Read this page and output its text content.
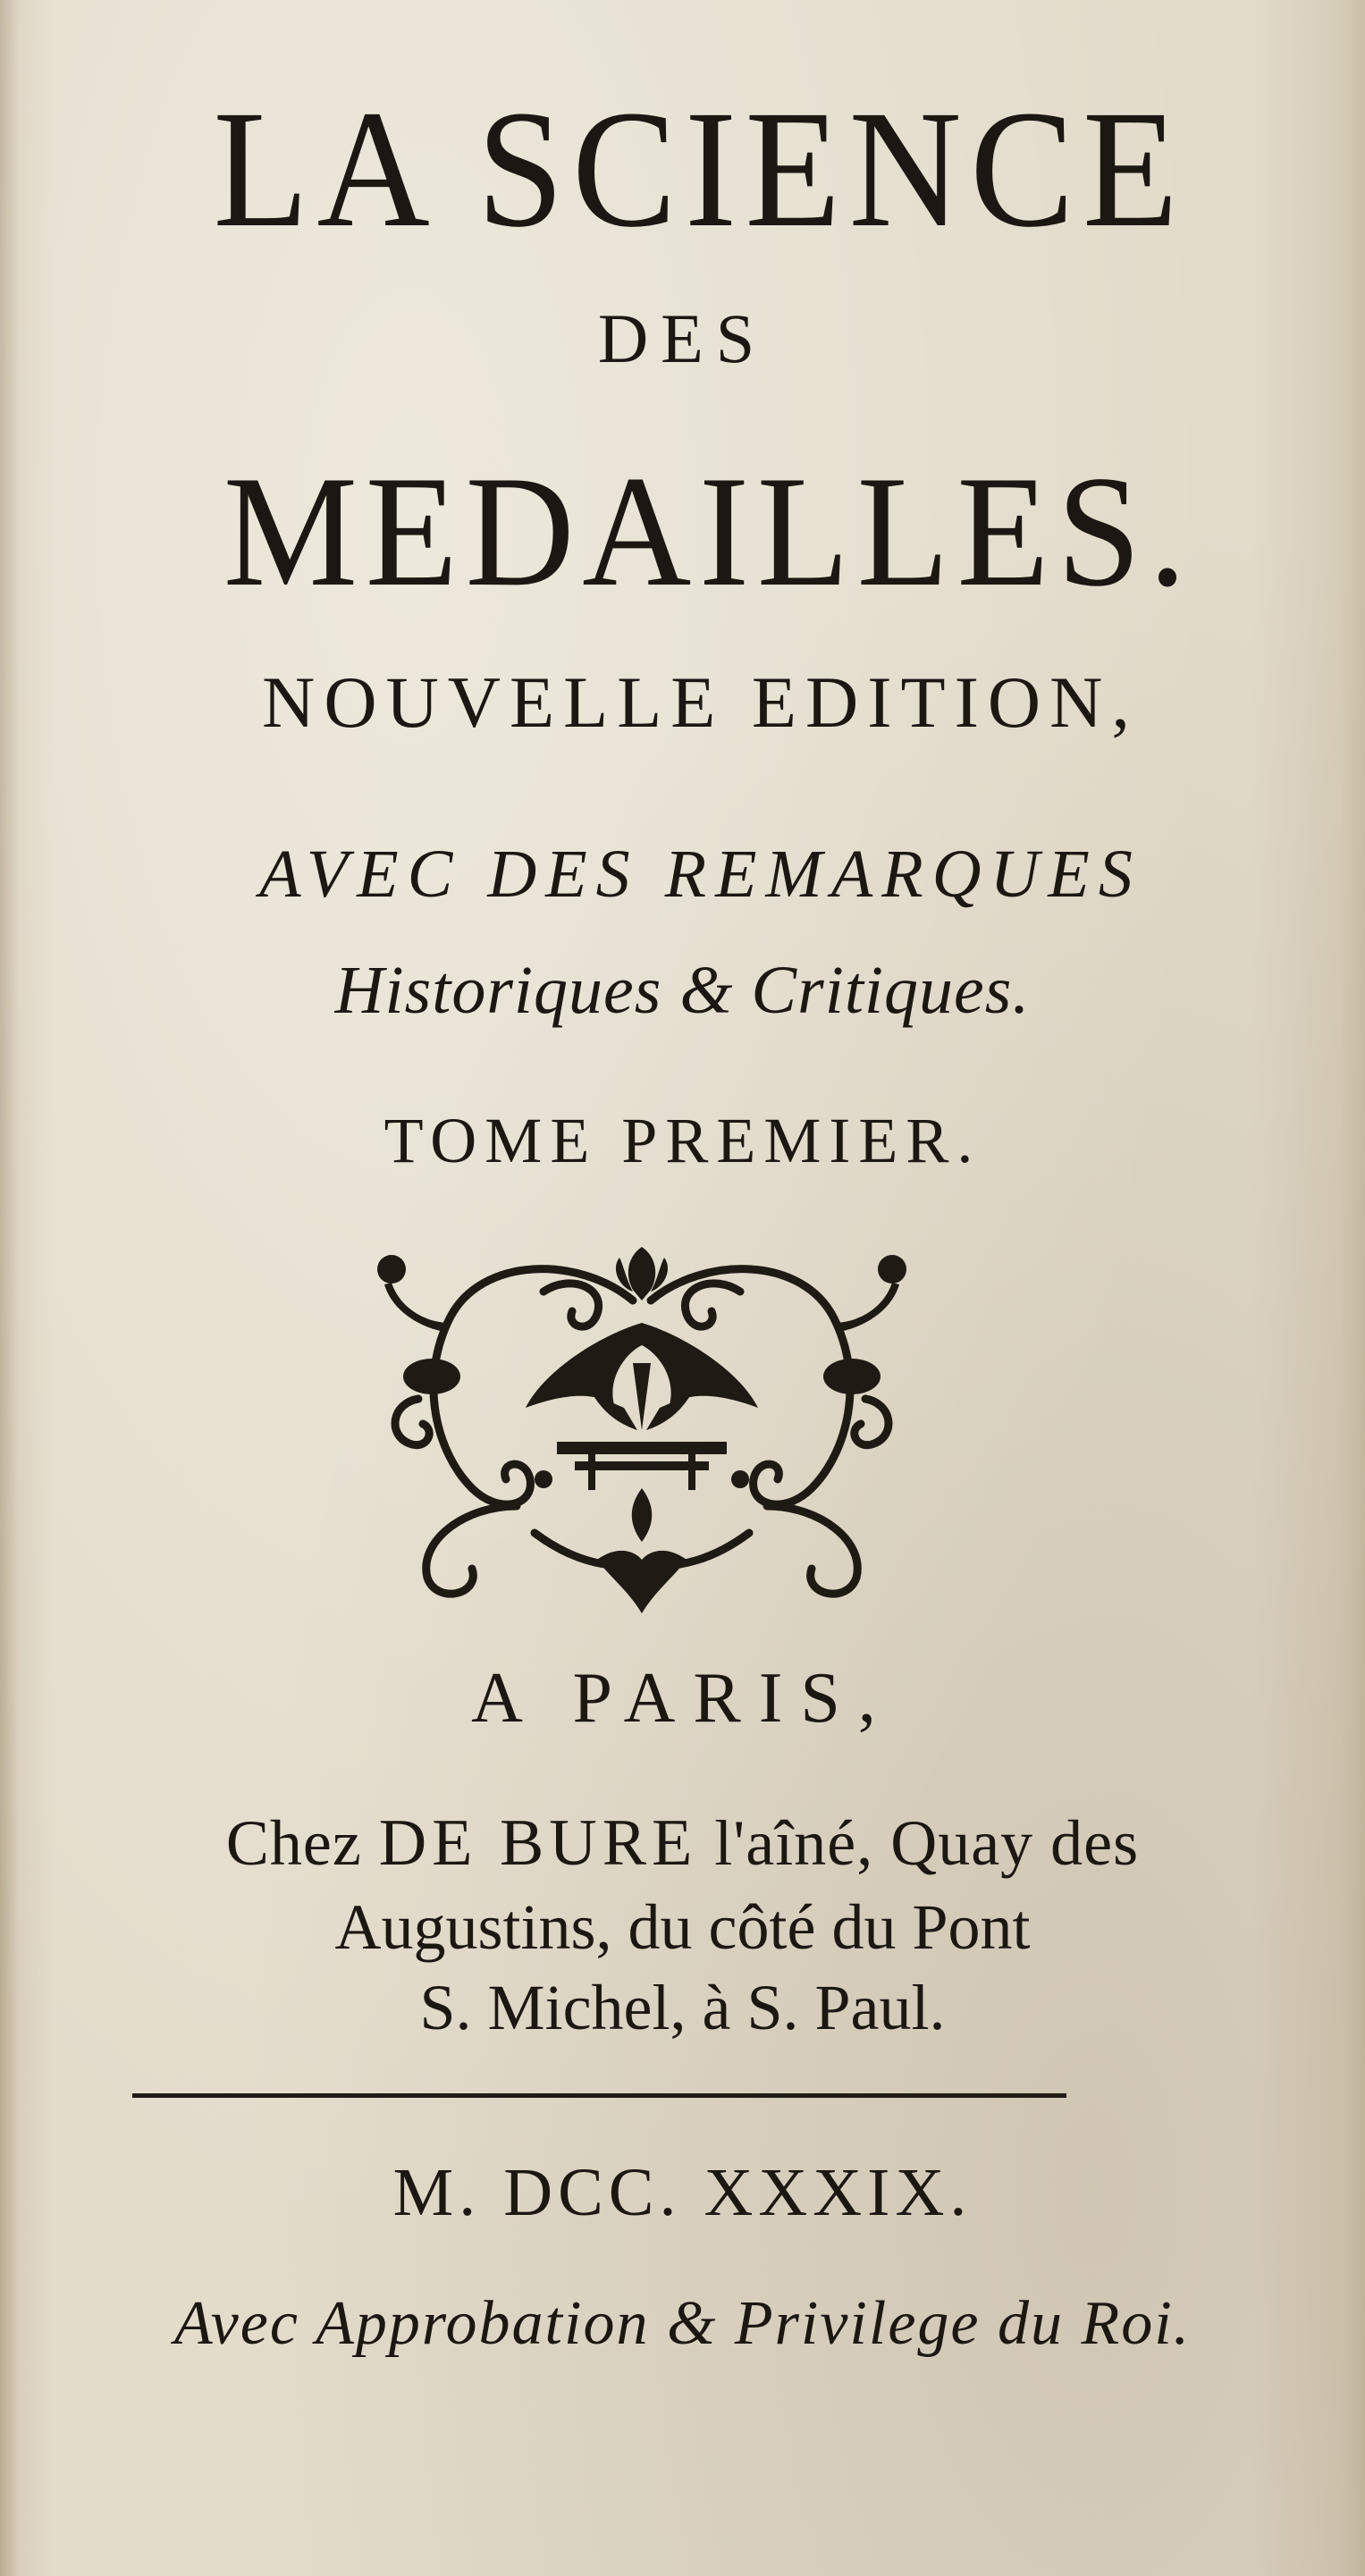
LA SCIENCE
DES
MEDAILLES.
NOUVELLE EDITION,
AVEC DES REMARQUES
Historiques & Critiques.
TOME PREMIER.
A PARIS,
Chez DE BURE l'aîné, Quay des
Augustins, du côté du Pont
S. Michel, à S. Paul.
M. DCC. XXXIX.
Avec Approbation & Privilege du Roi.
